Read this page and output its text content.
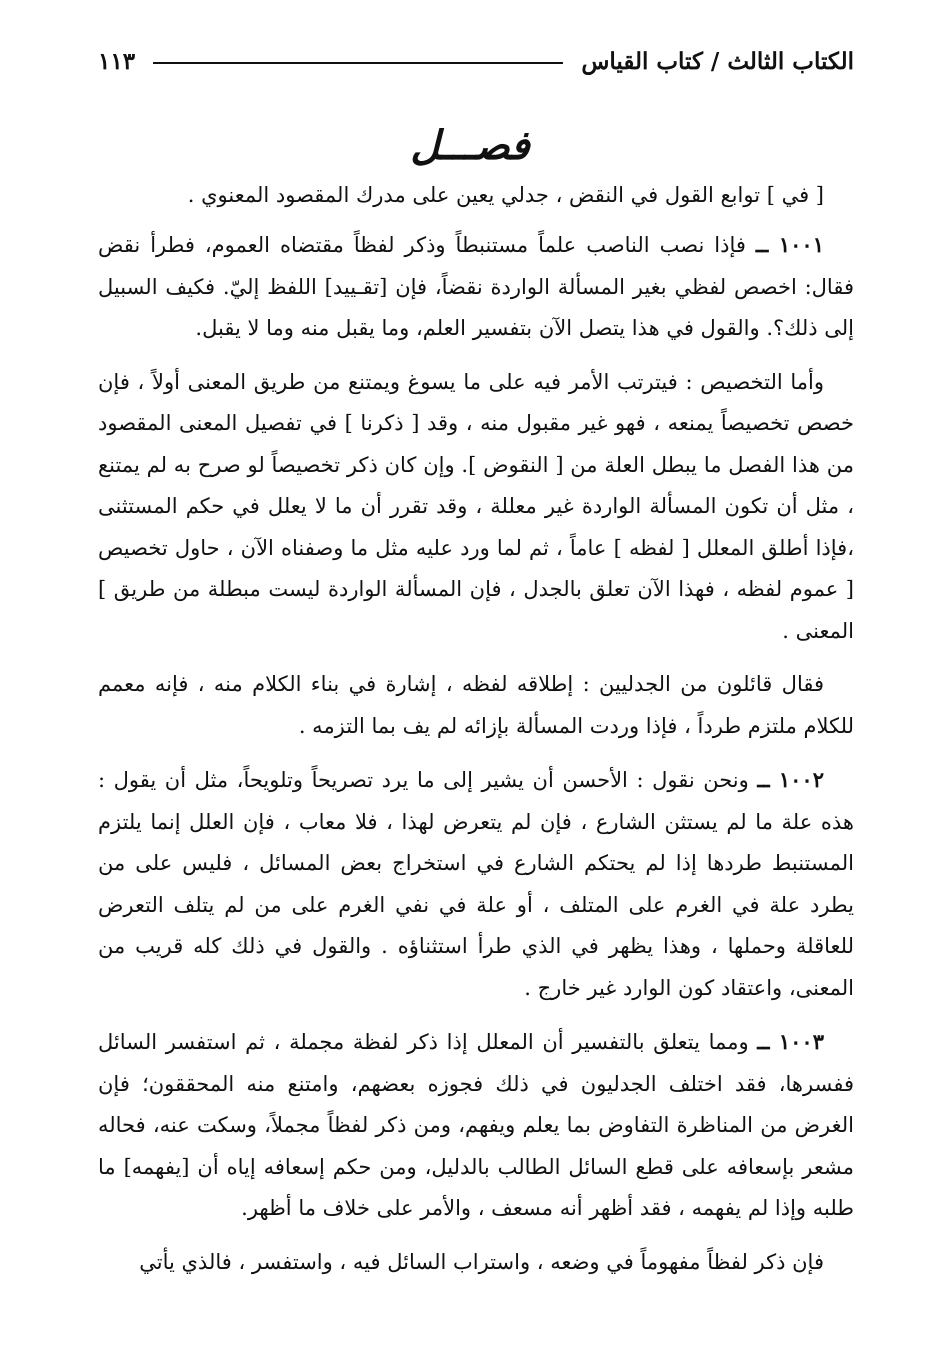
الكتاب الثالث / كتاب القياس
١١٣
فصـــل

[ في ] توابع القول في النقض ، جدلي يعين على مدرك المقصود المعنوي .

١٠٠١ ــ فإذا نصب الناصب علماً مستنبطاً وذكر لفظاً مقتضاه العموم، فطرأ نقض فقال: اخصص لفظي بغير المسألة الواردة نقضاً، فإن [تقـييد] اللفظ إليّ. فكيف السبيل إلى ذلك؟. والقول في هذا يتصل الآن بتفسير العلم، وما يقبل منه وما لا يقبل.

وأما التخصيص : فيترتب الأمر فيه على ما يسوغ ويمتنع من طريق المعنى أولاً ، فإن خصص تخصيصاً يمنعه ، فهو غير مقبول منه ، وقد [ ذكرنا ] في تفصيل المعنى المقصود من هذا الفصل ما يبطل العلة من [ النقوض ]. وإن كان ذكر تخصيصاً لو صرح به لم يمتنع ، مثل أن تكون المسألة الواردة غير معللة ، وقد تقرر أن ما لا يعلل في حكم المستثنى ،فإذا أطلق المعلل [ لفظه ] عاماً ، ثم لما ورد عليه مثل ما وصفناه الآن ، حاول تخصيص [ عموم لفظه ، فهذا الآن تعلق بالجدل ، فإن المسألة الواردة ليست مبطلة من طريق ] المعنى .

فقال قائلون من الجدليين : إطلاقه لفظه ، إشارة في بناء الكلام منه ، فإنه معمم للكلام ملتزم طرداً ، فإذا وردت المسألة بإزائه لم يف بما التزمه .

١٠٠٢ ــ ونحن نقول : الأحسن أن يشير إلى ما يرد تصريحاً وتلويحاً، مثل أن يقول : هذه علة ما لم يستثن الشارع ، فإن لم يتعرض لهذا ، فلا معاب ، فإن العلل إنما يلتزم المستنبط طردها إذا لم يحتكم الشارع في استخراج بعض المسائل ، فليس على من يطرد علة في الغرم على المتلف ، أو علة في نفي الغرم على من لم يتلف التعرض للعاقلة وحملها ، وهذا يظهر في الذي طرأ استثناؤه . والقول في ذلك كله قريب من المعنى، واعتقاد كون الوارد غير خارج .

١٠٠٣ ــ ومما يتعلق بالتفسير أن المعلل إذا ذكر لفظة مجملة ، ثم استفسر السائل ففسرها، فقد اختلف الجدليون في ذلك فجوزه بعضهم، وامتنع منه المحققون؛ فإن الغرض من المناظرة التفاوض بما يعلم ويفهم، ومن ذكر لفظاً مجملاً، وسكت عنه، فحاله مشعر بإسعافه على قطع السائل الطالب بالدليل، ومن حكم إسعافه إياه أن [يفهمه] ما طلبه وإذا لم يفهمه ، فقد أظهر أنه مسعف ، والأمر على خلاف ما أظهر.

فإن ذكر لفظاً مفهوماً في وضعه ، واستراب السائل فيه ، واستفسر ، فالذي يأتي
